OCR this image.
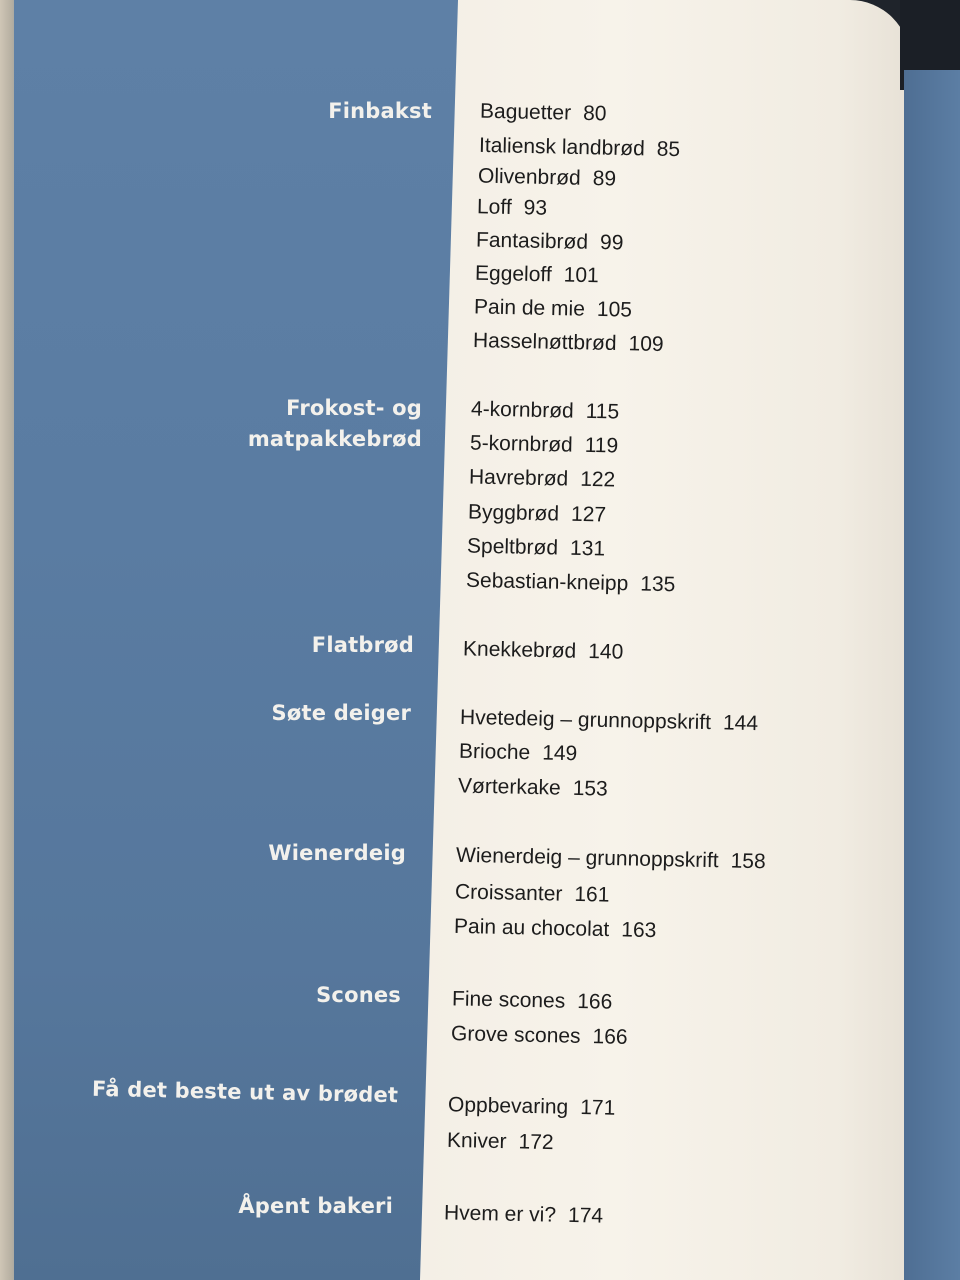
Finbakst Baguetter 80
Italiensk landbrød 85
Olivenbrød 89
Loff 93
Fantasibrød 99
Eggeloff 101
Pain de mie 105
Hasselnøttbrød 109
Frokost- og
matpakkebrød
4-kornbrød 115
5-kornbrød 119
Havrebrød 122
Byggbrød 127
Speltbrød 131
Sebastian-kneipp 135
Flatbrød Knekkebrød 140
Søte deiger Hvetedeig – grunnoppskrift 144
Brioche 149
Vørterkake 153
Wienerdeig Wienerdeig – grunnoppskrift 158
Croissanter 161
Pain au chocolat 163
Scones Fine scones 166
Grove scones 166
Få det beste ut av brødet Oppbevaring 171
Kniver 172
Åpent bakeri Hvem er vi? 174
